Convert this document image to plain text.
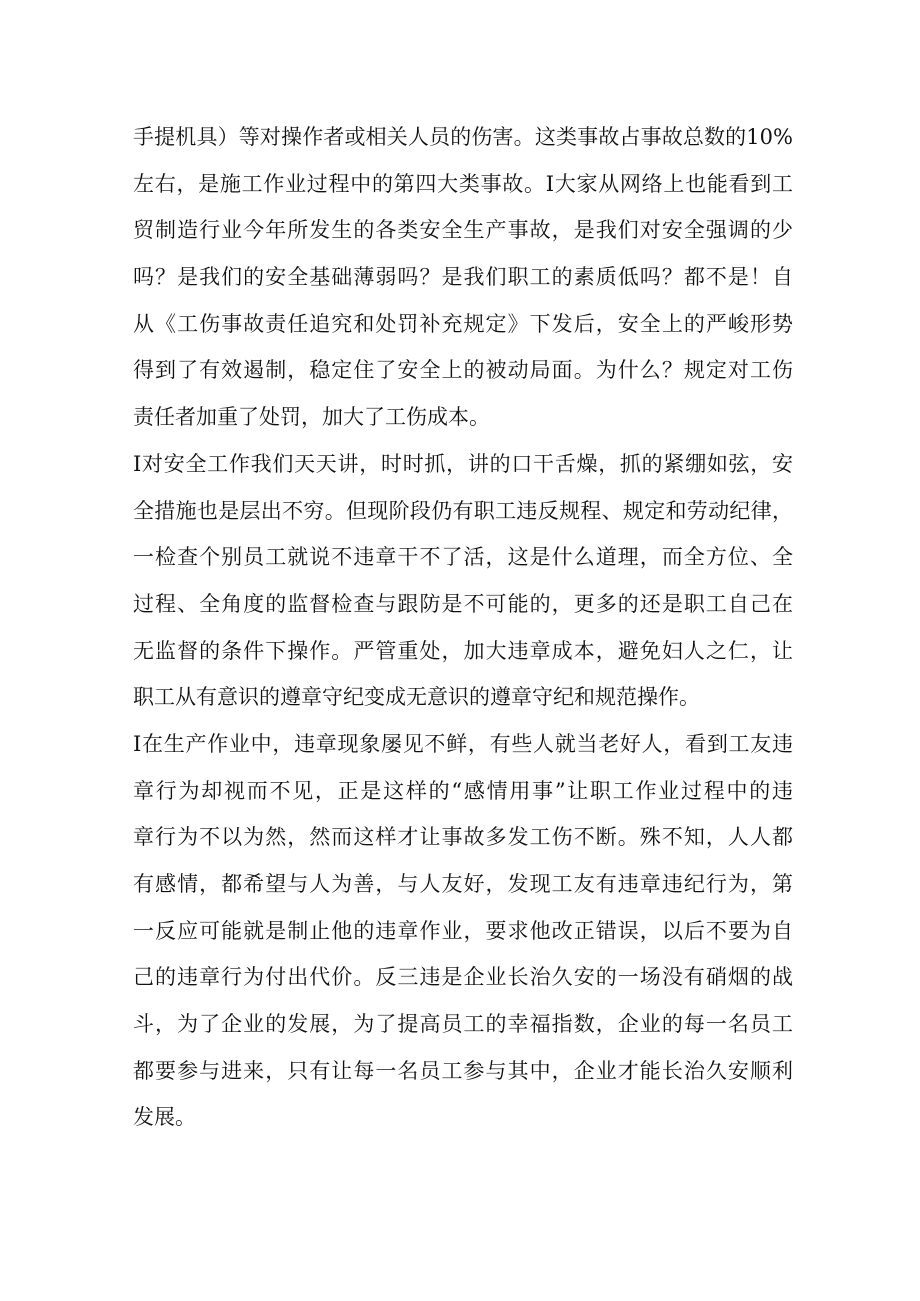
手提机具）等对操作者或相关人员的伤害。这类事故占事故总数的10%
左右，是施工作业过程中的第四大类事故。I大家从网络上也能看到工
贸制造行业今年所发生的各类安全生产事故，是我们对安全强调的少
吗？是我们的安全基础薄弱吗？是我们职工的素质低吗？都不是！自
从《工伤事故责任追究和处罚补充规定》下发后，安全上的严峻形势
得到了有效遏制，稳定住了安全上的被动局面。为什么？规定对工伤
责任者加重了处罚，加大了工伤成本。
I对安全工作我们天天讲，时时抓，讲的口干舌燥，抓的紧绷如弦，安
全措施也是层出不穷。但现阶段仍有职工违反规程、规定和劳动纪律，
一检查个别员工就说不违章干不了活，这是什么道理，而全方位、全
过程、全角度的监督检查与跟防是不可能的，更多的还是职工自己在
无监督的条件下操作。严管重处，加大违章成本，避免妇人之仁，让
职工从有意识的遵章守纪变成无意识的遵章守纪和规范操作。
I在生产作业中，违章现象屡见不鲜，有些人就当老好人，看到工友违
章行为却视而不见，正是这样的“感情用事”让职工作业过程中的违
章行为不以为然，然而这样才让事故多发工伤不断。殊不知，人人都
有感情，都希望与人为善，与人友好，发现工友有违章违纪行为，第
一反应可能就是制止他的违章作业，要求他改正错误，以后不要为自
己的违章行为付出代价。反三违是企业长治久安的一场没有硝烟的战
斗，为了企业的发展，为了提高员工的幸福指数，企业的每一名员工
都要参与进来，只有让每一名员工参与其中，企业才能长治久安顺利
发展。
